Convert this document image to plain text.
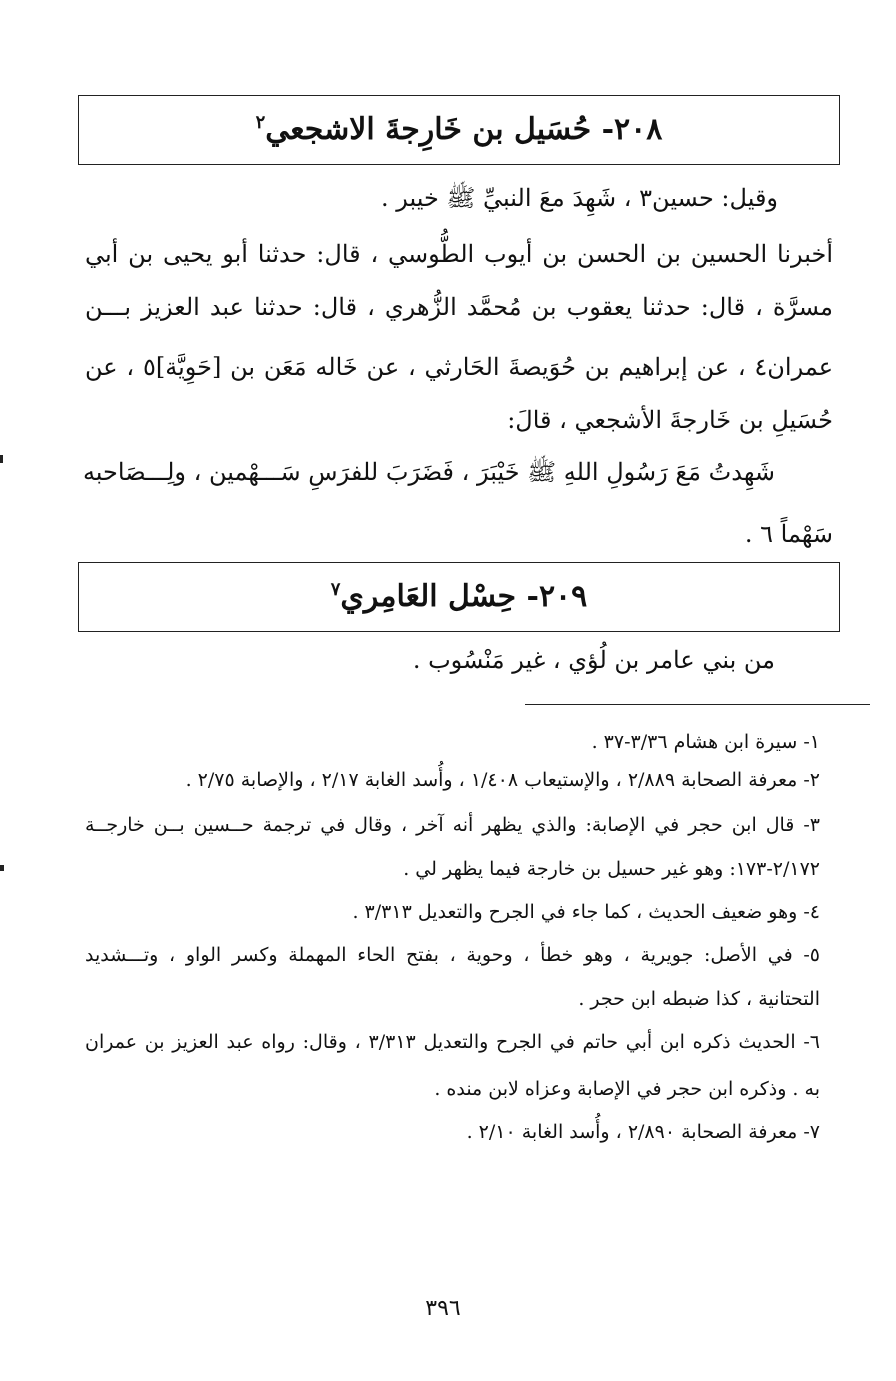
٢٠٨- حُسَيل بن خَارِجةَ الاشجعي$^٢$
وقيل: حسين٣ ، شَهِدَ معَ النبيِّ ﷺ خيبر .
أخبرنا الحسين بن الحسن بن أيوب الطُّوسي ، قال: حدثنا أبو يحيى بن أبي
مسرَّة ، قال: حدثنا يعقوب بن مُحمَّد الزُّهري ، قال: حدثنا عبد العزيز بـــن
عمران٤ ، عن إبراهيم بن حُوَيصةَ الحَارثي ، عن خَاله مَعَن بن [حَوِيَّة]٥ ، عن
حُسَيلِ بن خَارجةَ الأشجعي ، قالَ:
شَهِدتُ مَعَ رَسُولِ اللهِ ﷺ خَيْبَرَ ، فَضَرَبَ للفرَسِ سَـــهْمين ، ولِـــصَاحبه
سَهْماً ٦ .
٢٠٩- حِسْل العَامِري$^٧$
من بني عامر بن لُؤي ، غير مَنْسُوب .
١- سيرة ابن هشام ٣/٣٦-٣٧ .
٢- معرفة الصحابة ٢/٨٨٩ ، والإستيعاب ١/٤٠٨ ، وأُسد الغابة ٢/١٧ ، والإصابة ٢/٧٥ .
٣- قال ابن حجر في الإصابة: والذي يظهر أنه آخر ، وقال في ترجمة حــسين بــن خارجــة
٢/١٧٢-١٧٣: وهو غير حسيل بن خارجة فيما يظهر لي .
٤- وهو ضعيف الحديث ، كما جاء في الجرح والتعديل ٣/٣١٣ .
٥- في الأصل: جويرية ، وهو خطأ ، وحوية ، بفتح الحاء المهملة وكسر الواو ، وتـــشديد
التحتانية ، كذا ضبطه ابن حجر .
٦- الحديث ذكره ابن أبي حاتم في الجرح والتعديل ٣/٣١٣ ، وقال: رواه عبد العزيز بن عمران
به . وذكره ابن حجر في الإصابة وعزاه لابن منده .
٧- معرفة الصحابة ٢/٨٩٠ ، وأُسد الغابة ٢/١٠ .
٣٩٦
